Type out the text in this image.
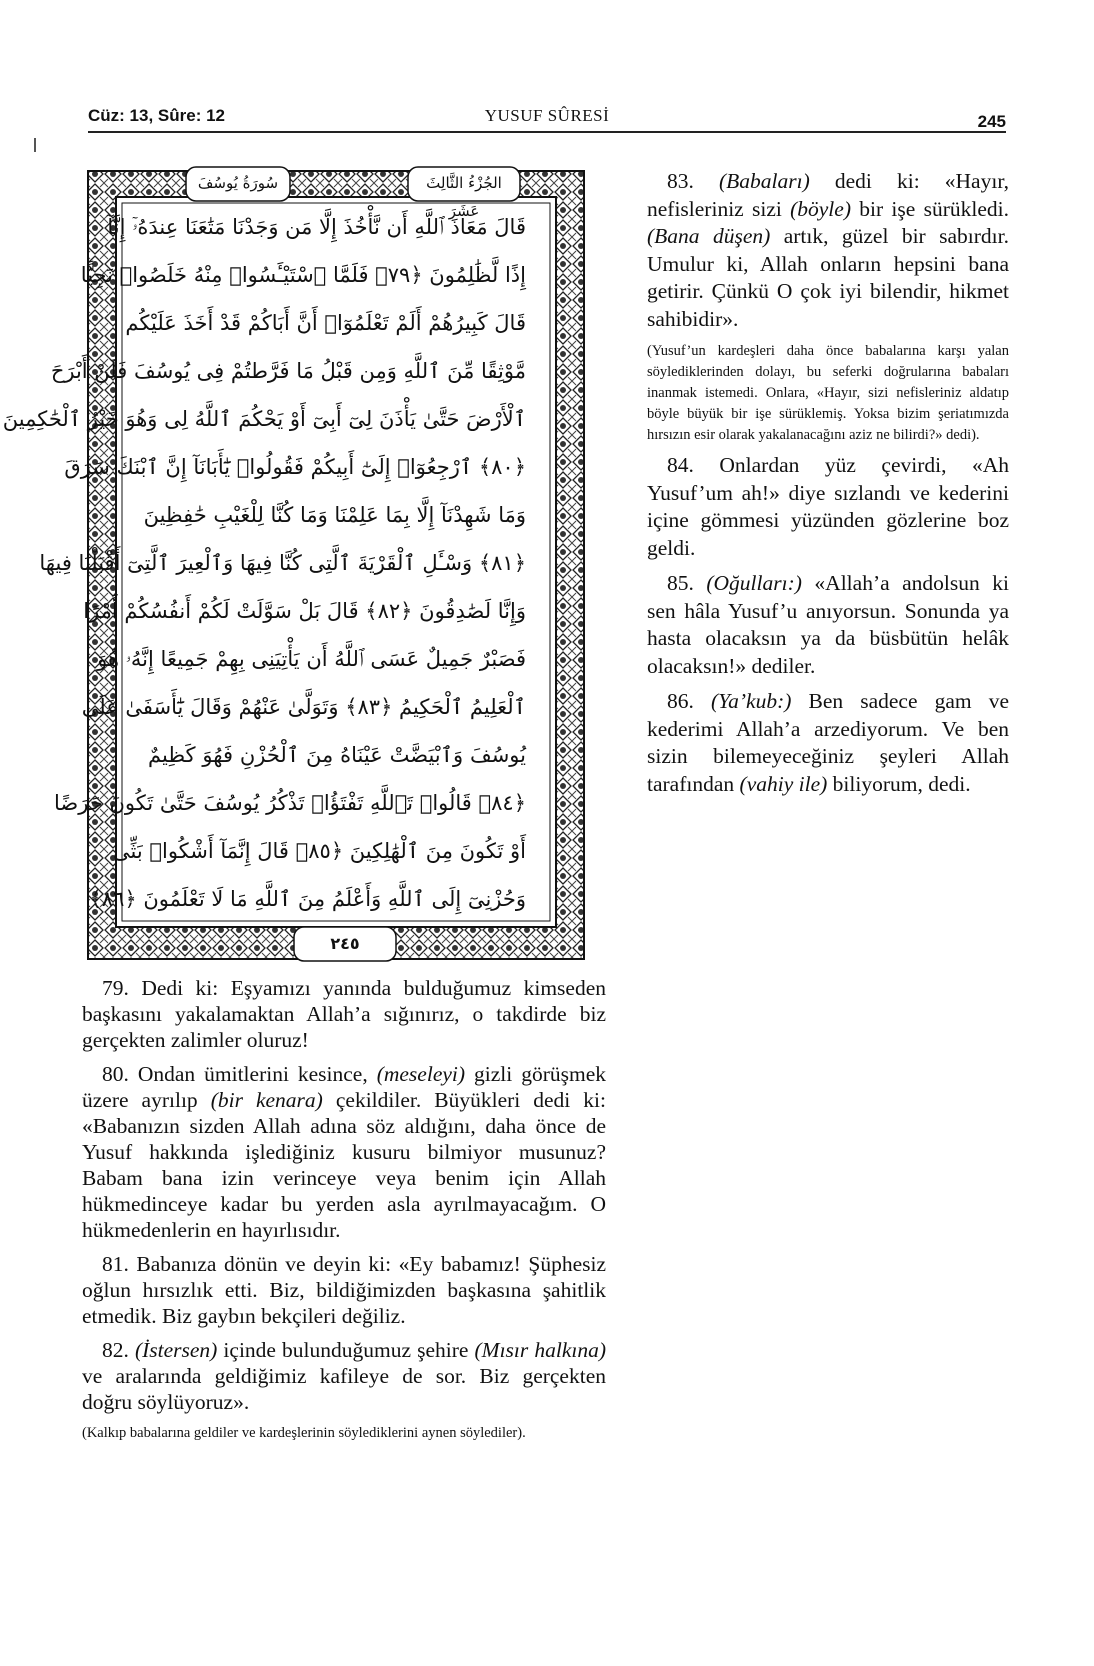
Cüz: 13, Sûre: 12	YUSUF SÛRESİ	245
سُورَةُ يُوسُفَ	الجُزْءُ الثَّالِثَ عَشَرَ
٢٤٥
قَالَ مَعَاذَ ٱللَّهِ أَن نَّأْخُذَ إِلَّا مَن وَجَدْنَا مَتَٰعَنَا عِندَهُۥٓ إِنَّآ
إِذًا لَّظَٰلِمُونَ ﴿٧٩﴾ فَلَمَّا ٱسْتَيْـَٔسُوا۟ مِنْهُ خَلَصُوا۟ نَجِيًّا
قَالَ كَبِيرُهُمْ أَلَمْ تَعْلَمُوٓا۟ أَنَّ أَبَاكُمْ قَدْ أَخَذَ عَلَيْكُم
مَّوْثِقًا مِّنَ ٱللَّهِ وَمِن قَبْلُ مَا فَرَّطتُمْ فِى يُوسُفَ فَلَنْ أَبْرَحَ
ٱلْأَرْضَ حَتَّىٰ يَأْذَنَ لِىٓ أَبِىٓ أَوْ يَحْكُمَ ٱللَّهُ لِى وَهُوَ خَيْرُ ٱلْحَٰكِمِينَ
﴿٨٠﴾ ٱرْجِعُوٓا۟ إِلَىٰٓ أَبِيكُمْ فَقُولُوا۟ يَٰٓأَبَانَآ إِنَّ ٱبْنَكَ سَرَقَ
وَمَا شَهِدْنَآ إِلَّا بِمَا عَلِمْنَا وَمَا كُنَّا لِلْغَيْبِ حَٰفِظِينَ
﴿٨١﴾ وَسْـَٔلِ ٱلْقَرْيَةَ ٱلَّتِى كُنَّا فِيهَا وَٱلْعِيرَ ٱلَّتِىٓ أَقْبَلْنَا فِيهَا
وَإِنَّا لَصَٰدِقُونَ ﴿٨٢﴾ قَالَ بَلْ سَوَّلَتْ لَكُمْ أَنفُسُكُمْ أَمْرًا
فَصَبْرٌ جَمِيلٌ عَسَى ٱللَّهُ أَن يَأْتِيَنِى بِهِمْ جَمِيعًا إِنَّهُۥ هُوَ
ٱلْعَلِيمُ ٱلْحَكِيمُ ﴿٨٣﴾ وَتَوَلَّىٰ عَنْهُمْ وَقَالَ يَٰٓأَسَفَىٰ عَلَىٰ
يُوسُفَ وَٱبْيَضَّتْ عَيْنَاهُ مِنَ ٱلْحُزْنِ فَهُوَ كَظِيمٌ
﴿٨٤﴾ قَالُوا۟ تَٱللَّهِ تَفْتَؤُا۟ تَذْكُرُ يُوسُفَ حَتَّىٰ تَكُونَ حَرَضًا
أَوْ تَكُونَ مِنَ ٱلْهَٰلِكِينَ ﴿٨٥﴾ قَالَ إِنَّمَآ أَشْكُوا۟ بَثِّى
وَحُزْنِىٓ إِلَى ٱللَّهِ وَأَعْلَمُ مِنَ ٱللَّهِ مَا لَا تَعْلَمُونَ ﴿٨٦﴾

83. (Babaları) dedi ki: «Hayır, nefisleriniz sizi (böyle) bir işe sürükledi. (Bana düşen) artık, güzel bir sabırdır. Umulur ki, Allah onların hepsini bana getirir. Çünkü O çok iyi bilendir, hikmet sahibidir».

(Yusuf’un kardeşleri daha önce babalarına karşı yalan söylediklerinden dolayı, bu seferki doğrularına babaları inanmak istemedi. Onlara, «Hayır, sizi nefisleriniz aldatıp böyle büyük bir işe sürüklemiş. Yoksa bizim şeriatımızda hırsızın esir olarak yakalanacağını aziz ne bilirdi?» dedi).

84. Onlardan yüz çevirdi, «Ah Yusuf’um ah!» diye sızlandı ve kederini içine gömmesi yüzünden gözlerine boz geldi.

85. (Oğulları:) «Allah’a andolsun ki sen hâla Yusuf’u anıyorsun. Sonunda ya hasta olacaksın ya da büsbütün helâk olacaksın!» dediler.

86. (Ya’kub:) Ben sadece gam ve kederimi Allah’a arzediyorum. Ve ben sizin bilemeyeceğiniz şeyleri Allah tarafından (vahiy ile) biliyorum, dedi.

79. Dedi ki: Eşyamızı yanında bulduğumuz kimseden başkasını yakalamaktan Allah’a sığınırız, o takdirde biz gerçekten zalimler oluruz!

80. Ondan ümitlerini kesince, (meseleyi) gizli görüşmek üzere ayrılıp (bir kenara) çekildiler. Büyükleri dedi ki: «Babanızın sizden Allah adına söz aldığını, daha önce de Yusuf hakkında işlediğiniz kusuru bilmiyor musunuz? Babam bana izin verinceye veya benim için Allah hükmedinceye kadar bu yerden asla ayrılmayacağım. O hükmedenlerin en hayırlısıdır.

81. Babanıza dönün ve deyin ki: «Ey babamız! Şüphesiz oğlun hırsızlık etti. Biz, bildiğimizden başkasına şahitlik etmedik. Biz gaybın bekçileri değiliz.

82. (İstersen) içinde bulunduğumuz şehire (Mısır halkına) ve aralarında geldiğimiz kafileye de sor. Biz gerçekten doğru söylüyoruz».

(Kalkıp babalarına geldiler ve kardeşlerinin söylediklerini aynen söylediler).
